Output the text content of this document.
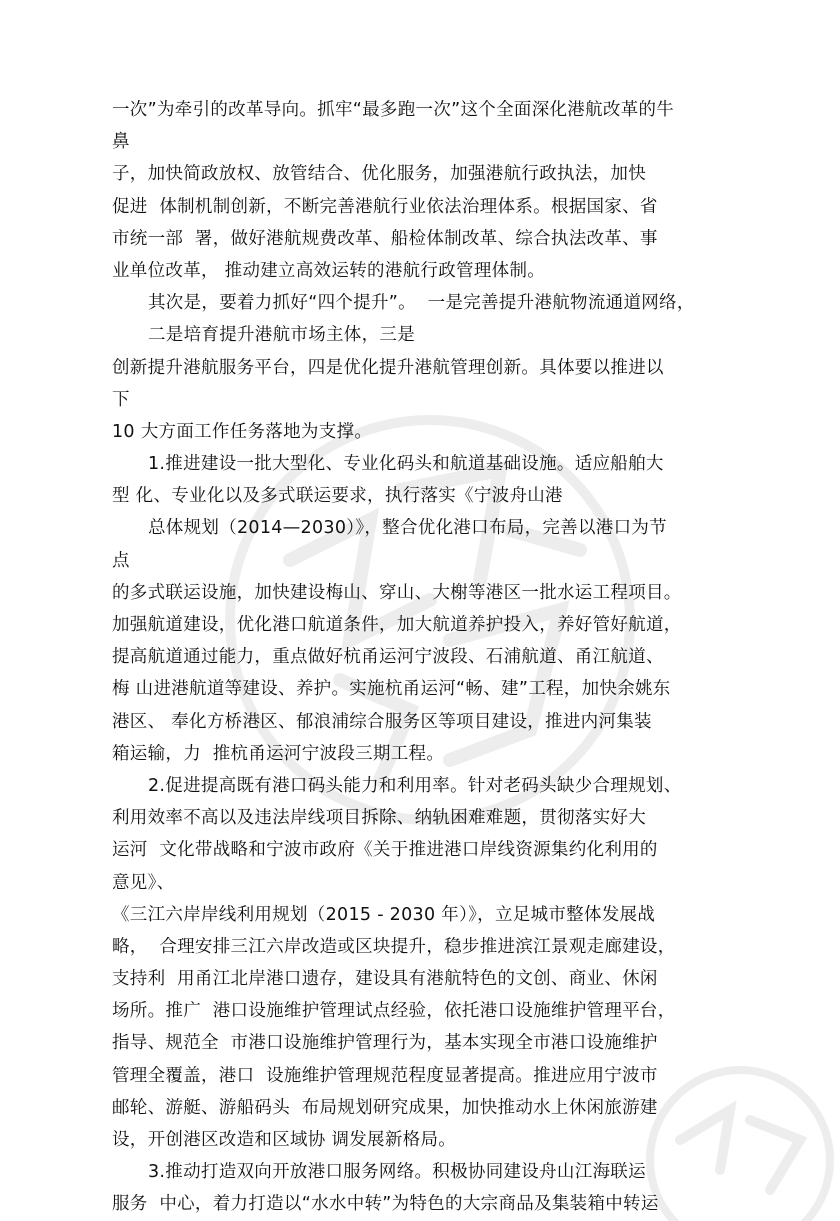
一次”为牵引的改革导向。抓牢“最多跑一次”这个全面深化港航改革的牛
鼻
子，加快简政放权、放管结合、优化服务，加强港航行政执法，加快
促进  体制机制创新，不断完善港航行业依法治理体系。根据国家、省
市统一部  署，做好港航规费改革、船检体制改革、综合执法改革、事
业单位改革， 推动建立高效运转的港航行政管理体制。
其次是，要着力抓好“四个提升”。  一是完善提升港航物流通道网络，
二是培育提升港航市场主体，三是
创新提升港航服务平台，四是优化提升港航管理创新。具体要以推进以
下
10 大方面工作任务落地为支撑。
1.推进建设一批大型化、专业化码头和航道基础设施。适应船舶大
型 化、专业化以及多式联运要求，执行落实《宁波舟山港
总体规划（2014—2030）》，整合优化港口布局，完善以港口为节
点
的多式联运设施，加快建设梅山、穿山、大榭等港区一批水运工程项目。
加强航道建设，优化港口航道条件，加大航道养护投入，养好管好航道，
提高航道通过能力，重点做好杭甬运河宁波段、石浦航道、甬江航道、
梅 山进港航道等建设、养护。实施杭甬运河“畅、建”工程，加快余姚东
港区、 奉化方桥港区、郁浪浦综合服务区等项目建设，推进内河集装
箱运输，力  推杭甬运河宁波段三期工程。
2.促进提高既有港口码头能力和利用率。针对老码头缺少合理规划、
利用效率不高以及违法岸线项目拆除、纳轨困难难题，贯彻落实好大
运河  文化带战略和宁波市政府《关于推进港口岸线资源集约化利用的
意见》、
《三江六岸岸线利用规划（2015 - 2030 年）》，立足城市整体发展战
略，  合理安排三江六岸改造或区块提升，稳步推进滨江景观走廊建设，
支持利  用甬江北岸港口遗存，建设具有港航特色的文创、商业、休闲
场所。推广  港口设施维护管理试点经验，依托港口设施维护管理平台，
指导、规范全  市港口设施维护管理行为，基本实现全市港口设施维护
管理全覆盖，港口  设施维护管理规范程度显著提高。推进应用宁波市
邮轮、游艇、游船码头  布局规划研究成果，加快推动水上休闲旅游建
设，开创港区改造和区域协 调发展新格局。
3.推动打造双向开放港口服务网络。积极协同建设舟山江海联运
服务  中心，着力打造以“水水中转”为特色的大宗商品及集装箱中转运
